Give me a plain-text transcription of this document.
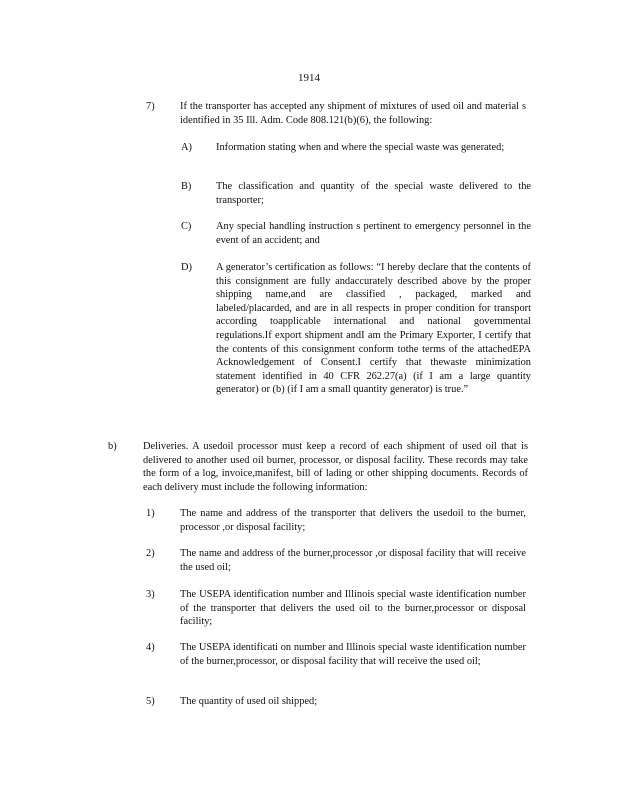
1914
7)	If the transporter has accepted any shipment of mixtures of used oil and material s identified in 35 Ill. Adm. Code 808.121(b)(6), the following:
A)	Information stating when and where the special waste was generated;
B)	The classification and quantity of the special waste delivered to the transporter;
C)	Any special handling instruction s pertinent to emergency personnel in the event of an accident; and
D)	A generator’s certification as follows: “I hereby declare that the contents of this consignment are fully andaccurately described above by the proper shipping name,and are classified , packaged, marked and labeled/placarded, and are in all respects in proper condition for transport according toapplicable international and national governmental regulations.If export shipment andI am the Primary Exporter, I certify that the contents of this consignment conform tothe terms of the attachedEPA Acknowledgement of Consent.I certify that thewaste minimization statement identified in 40 CFR 262.27(a) (if I am a large quantity generator) or (b) (if I am a small quantity generator) is true.”
b)	Deliveries. A usedoil processor must keep a record of each shipment of used oil that is delivered to another used oil burner, processor, or disposal facility. These records may take the form of a log, invoice,manifest, bill of lading or other shipping documents. Records of each delivery must include the following information:
1)	The name and address of the transporter that delivers the usedoil to the burner, processor ,or disposal facility;
2)	The name and address of the burner,processor ,or disposal facility that will receive the used oil;
3)	The USEPA identification number and Illinois special waste identification number of the transporter that delivers the used oil to the burner,processor or disposal facility;
4)	The USEPA identificati on number and Illinois special waste identification number of the burner,processor, or disposal facility that will receive the used oil;
5)	The quantity of used oil shipped;
